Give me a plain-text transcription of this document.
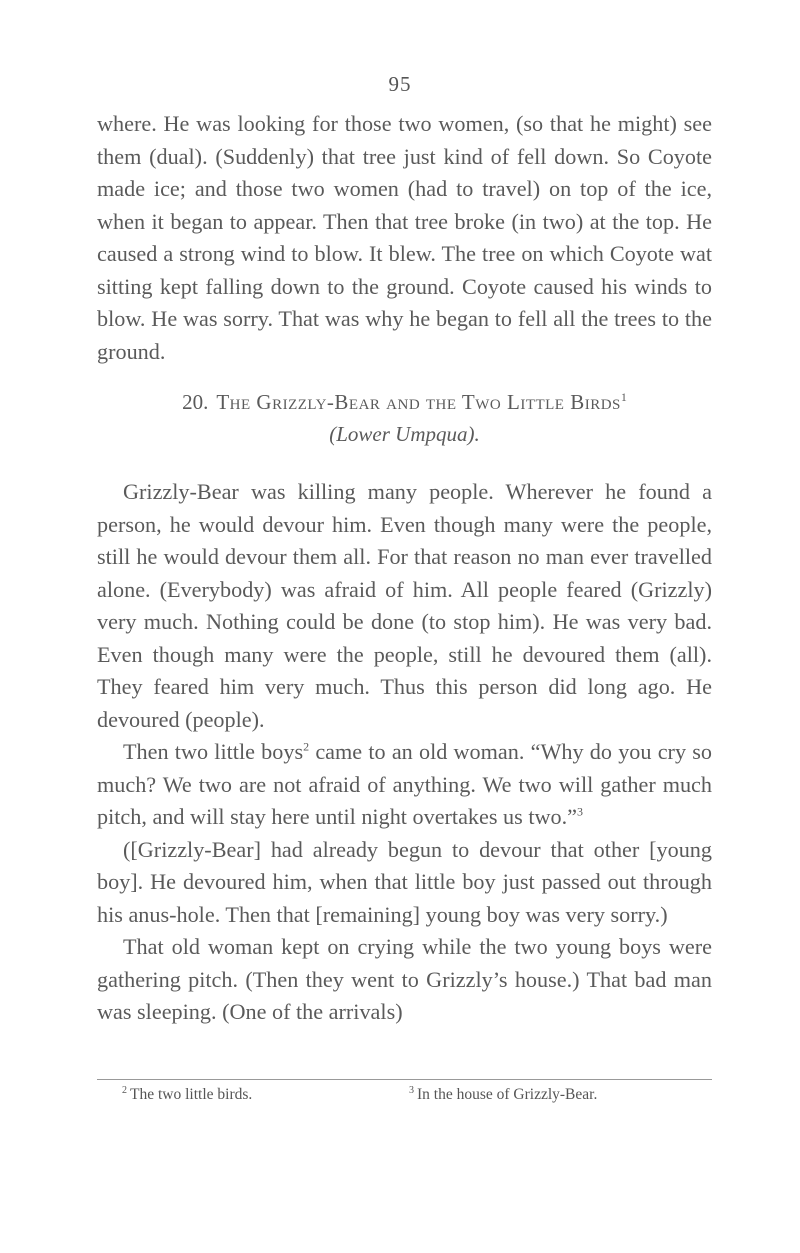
95

where. He was looking for those two women, (so that he might) see them (dual). (Suddenly) that tree just kind of fell down. So Coyote made ice; and those two women (had to travel) on top of the ice, when it began to appear. Then that tree broke (in two) at the top. He caused a strong wind to blow. It blew. The tree on which Coyote wat sitting kept falling down to the ground. Coyote caused his winds to blow. He was sorry. That was why he began to fell all the trees to the ground.

20. The Grizzly-Bear and the Two Little Birds$^1$
(Lower Umpqua).

Grizzly-Bear was killing many people. Wherever he found a person, he would devour him. Even though many were the people, still he would devour them all. For that reason no man ever travelled alone. (Everybody) was afraid of him. All people feared (Grizzly) very much. Nothing could be done (to stop him). He was very bad. Even though many were the people, still he devoured them (all). They feared him very much. Thus this person did long ago. He devoured (people).

Then two little boys$^2$ came to an old woman. “Why do you cry so much? We two are not afraid of anything. We two will gather much pitch, and will stay here until night overtakes us two.”$^3$

([Grizzly-Bear] had already begun to devour that other [young boy]. He devoured him, when that little boy just passed out through his anus-hole. Then that [remaining] young boy was very sorry.)

That old woman kept on crying while the two young boys were gathering pitch. (Then they went to Grizzly’s house.) That bad man was sleeping. (One of the arrivals)

$^2$ The two little birds.	$^3$ In the house of Grizzly-Bear.
